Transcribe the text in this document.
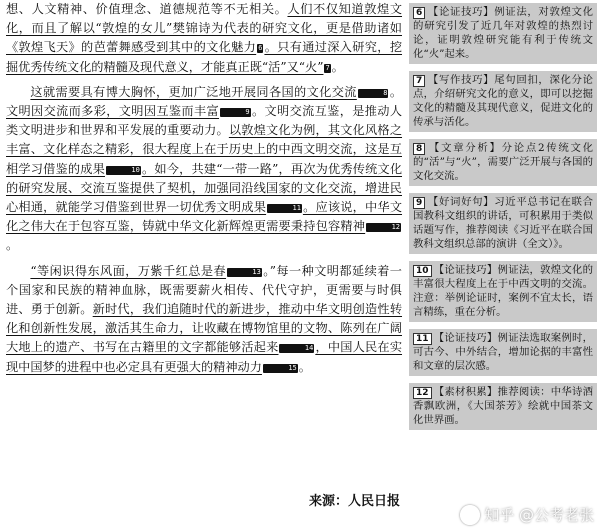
想、人文精神、价值理念、道德规范等不无相关。人们不仅知道敦煌文化，而且了解以“敦煌的女儿”樊锦诗为代表的研究文化，更是借助诸如《敦煌飞天》的芭蕾舞感受到其中的文化魅力 6 。只有通过深入研究，挖掘优秀传统文化的精髓及现代意义，才能真正既“活”又“火” 7 。

这就需要具有博大胸怀，更加广泛地开展同各国的文化交流	8 。文明因交流而多彩，文明因互鉴而丰富	9 。文明交流互鉴，是推动人类文明进步和世界和平发展的重要动力。以敦煌文化为例，其文化风格之丰富、文化样态之精彩，很大程度上在于历史上的中西文明交流，这是互相学习借鉴的成果	10 。如今，共建“一带一路”，再次为优秀传统文化的研究发展、交流互鉴提供了契机，加强同沿线国家的文化交流，增进民心相通，就能学习借鉴到世界一切优秀文明成果	11 。应该说，中华文化之伟大在于包容互鉴，铸就中华文化新辉煌更需要秉持包容精神	12。

“等闲识得东风面，万紫千红总是春	13 。”每一种文明都延续着一个国家和民族的精神血脉，既需要薪火相传、代代守护，更需要与时俱进、勇于创新。新时代，我们追随时代的新进步，推动中华文明创造性转化和创新性发展，激活其生命力，让收藏在博物馆里的文物、陈列在广阔大地上的遗产、书写在古籍里的文字都能够活起来	14 ，中国人民在实现中国梦的进程中也必定具有更强大的精神动力	15 。

来源：人民日报
6 【论证技巧】例证法，对敦煌文化的研究引发了近几年对敦煌的热烈讨论，证明敦煌研究能有利于传统文化“火”起来。
7 【写作技巧】尾句回扣，深化分论点，介绍研究文化的意义，即可以挖掘文化的精髓及其现代意义，促进文化的传承与活化。
8 【文章分析】分论点2传统文化的“活”与“火”，需要广泛开展与各国的文化交流。
9 【好词好句】习近平总书记在联合国教科文组织的讲话，可积累用于类似话题写作，推荐阅读《习近平在联合国教科文组织总部的演讲（全文）》。
10 【论证技巧】例证法，敦煌文化的丰富很大程度上在于中西文明的交流。注意：举例论证时，案例不宜太长，语言精练，重在分析。
11 【论证技巧】例证法选取案例时，可古今、中外结合，增加论据的丰富性和文章的层次感。
12 【素材积累】推荐阅读：中华诗酒香飘欧洲，《大国茶芳》绘就中国茶文化世界画。
知乎 @公考老张
